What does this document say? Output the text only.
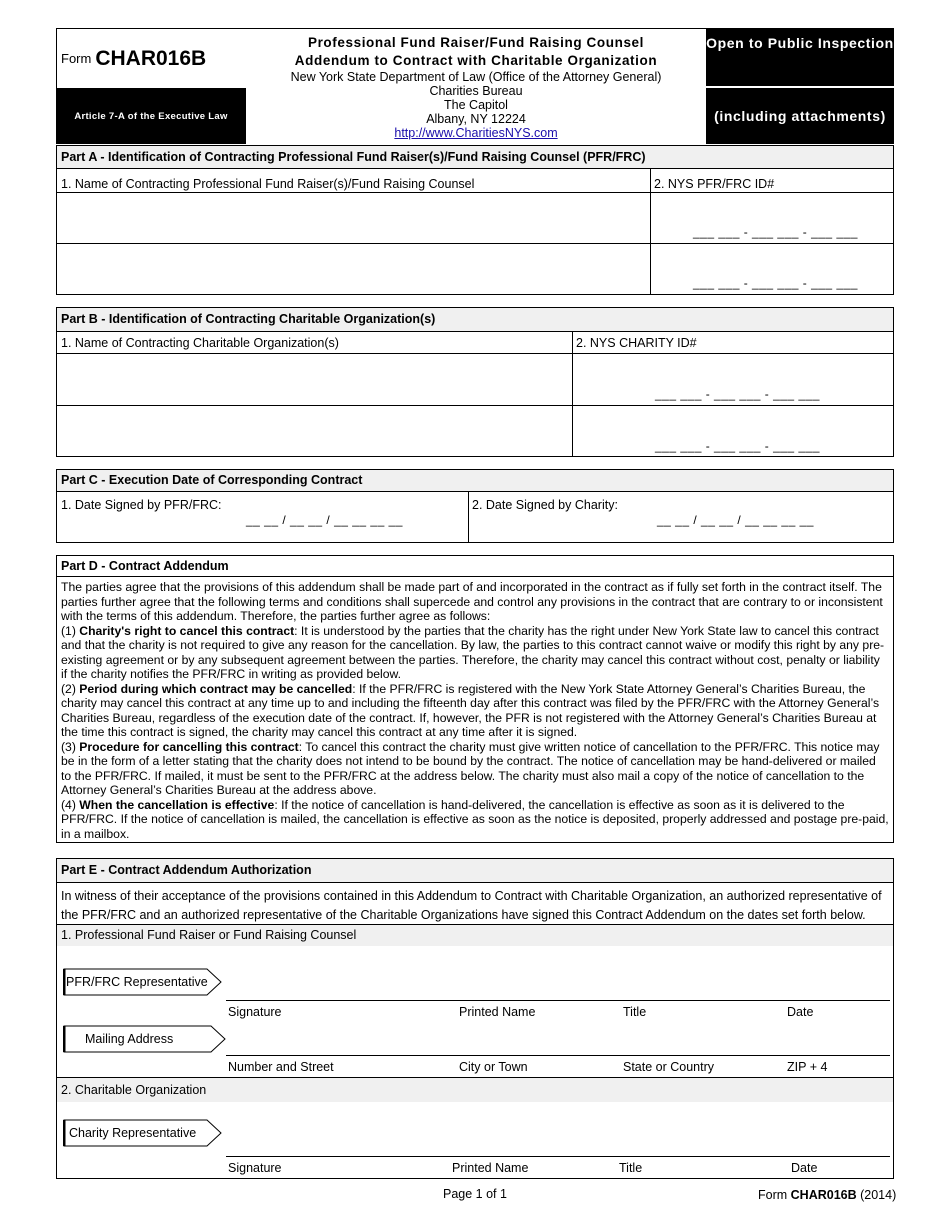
Form CHAR016B
Article 7-A of the Executive Law
Professional Fund Raiser/Fund Raising Counsel
Addendum to Contract with Charitable Organization
New York State Department of Law (Office of the Attorney General)
Charities Bureau
The Capitol
Albany, NY 12224
http://www.CharitiesNYS.com
Open to Public Inspection
(including attachments)
Part A - Identification of Contracting Professional Fund Raiser(s)/Fund Raising Counsel (PFR/FRC)
1. Name of Contracting Professional Fund Raiser(s)/Fund Raising Counsel	2. NYS PFR/FRC ID#
___ ___ - ___ ___ - ___ ___
___ ___ - ___ ___ - ___ ___
Part B - Identification of Contracting Charitable Organization(s)
1. Name of Contracting Charitable Organization(s)	2. NYS CHARITY ID#
___ ___ - ___ ___ - ___ ___
___ ___ - ___ ___ - ___ ___
Part C - Execution Date of Corresponding Contract
1. Date Signed by PFR/FRC:	2. Date Signed by Charity:
__ __ / __ __ / __ __ __ __	__ __ / __ __ / __ __ __ __
Part D - Contract Addendum

The parties agree that the provisions of this addendum shall be made part of and incorporated in the contract as if fully set forth in the contract itself. The parties further agree that the following terms and conditions shall supercede and control any provisions in the contract that are contrary to or inconsistent with the terms of this addendum. Therefore, the parties further agree as follows:

(1) Charity's right to cancel this contract: It is understood by the parties that the charity has the right under New York State law to cancel this contract and that the charity is not required to give any reason for the cancellation. By law, the parties to this contract cannot waive or modify this right by any pre-existing agreement or by any subsequent agreement between the parties. Therefore, the charity may cancel this contract without cost, penalty or liability if the charity notifies the PFR/FRC in writing as provided below.

(2) Period during which contract may be cancelled: If the PFR/FRC is registered with the New York State Attorney General’s Charities Bureau, the charity may cancel this contract at any time up to and including the fifteenth day after this contract was filed by the PFR/FRC with the Attorney General’s Charities Bureau, regardless of the execution date of the contract. If, however, the PFR is not registered with the Attorney General’s Charities Bureau at the time this contract is signed, the charity may cancel this contract at any time after it is signed.

(3) Procedure for cancelling this contract: To cancel this contract the charity must give written notice of cancellation to the PFR/FRC. This notice may be in the form of a letter stating that the charity does not intend to be bound by the contract. The notice of cancellation may be hand-delivered or mailed to the PFR/FRC. If mailed, it must be sent to the PFR/FRC at the address below. The charity must also mail a copy of the notice of cancellation to the Attorney General’s Charities Bureau at the address above.

(4) When the cancellation is effective: If the notice of cancellation is hand-delivered, the cancellation is effective as soon as it is delivered to the PFR/FRC. If the notice of cancellation is mailed, the cancellation is effective as soon as the notice is deposited, properly addressed and postage pre-paid, in a mailbox.

Part E - Contract Addendum Authorization
In witness of their acceptance of the provisions contained in this Addendum to Contract with Charitable Organization, an authorized representative of the PFR/FRC and an authorized representative of the Charitable Organizations have signed this Contract Addendum on the dates set forth below.
1. Professional Fund Raiser or Fund Raising Counsel
PFR/FRC Representative
Signature	Printed Name	Title	Date
Mailing Address
Number and Street	City or Town	State or Country	ZIP + 4
2. Charitable Organization
Charity Representative
Signature	Printed Name	Title	Date
Page 1 of 1	Form CHAR016B (2014)
